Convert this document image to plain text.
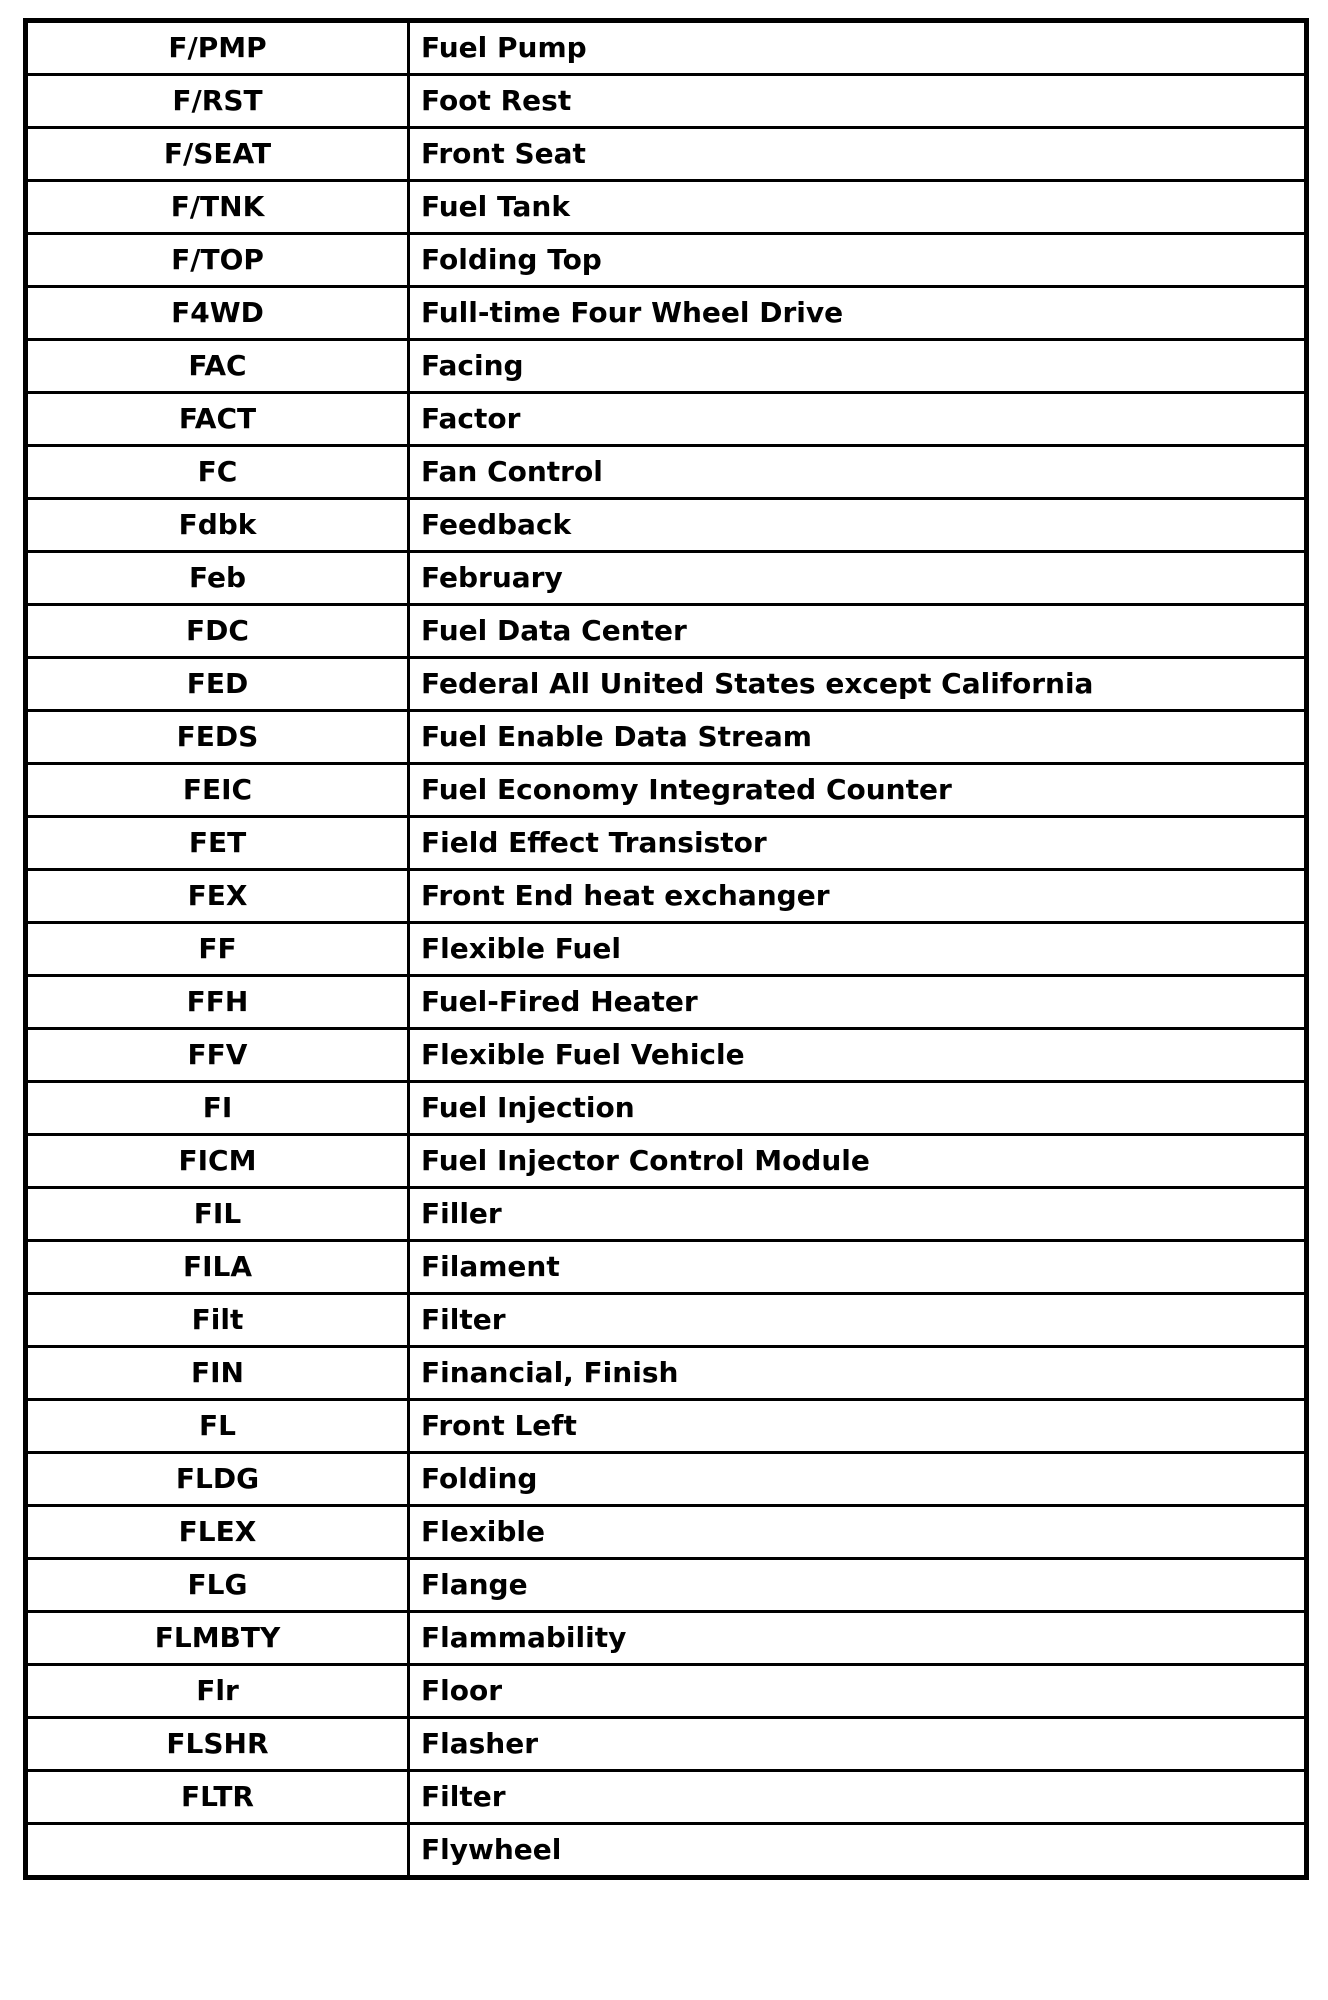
F/PMP	Fuel Pump
F/RST	Foot Rest
F/SEAT	Front Seat
F/TNK	Fuel Tank
F/TOP	Folding Top
F4WD	Full-time Four Wheel Drive
FAC	Facing
FACT	Factor
FC	Fan Control
Fdbk	Feedback
Feb	February
FDC	Fuel Data Center
FED	Federal All United States except California
FEDS	Fuel Enable Data Stream
FEIC	Fuel Economy Integrated Counter
FET	Field Effect Transistor
FEX	Front End heat exchanger
FF	Flexible Fuel
FFH	Fuel-Fired Heater
FFV	Flexible Fuel Vehicle
FI	Fuel Injection
FICM	Fuel Injector Control Module
FIL	Filler
FILA	Filament
Filt	Filter
FIN	Financial, Finish
FL	Front Left
FLDG	Folding
FLEX	Flexible
FLG	Flange
FLMBTY	Flammability
Flr	Floor
FLSHR	Flasher
FLTR	Filter
	Flywheel
